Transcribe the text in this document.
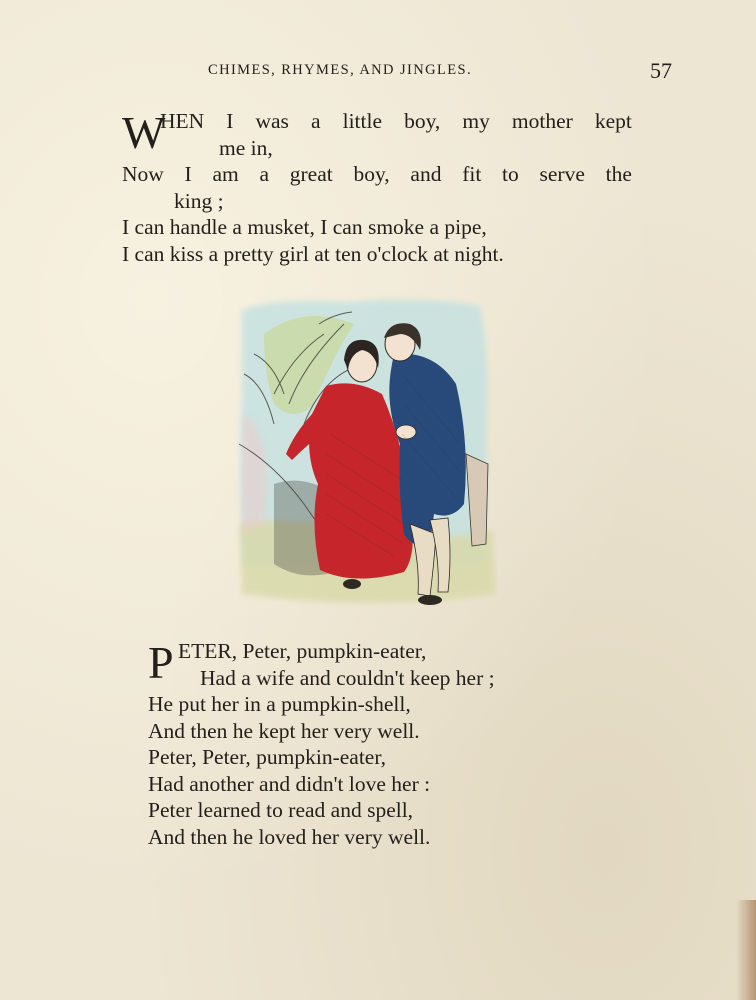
CHIMES, RHYMES, AND JINGLES.	57
W
HEN I was a little boy, my mother kept
me in,
Now I am a great boy, and fit to serve the
king ;
I can handle a musket, I can smoke a pipe,
I can kiss a pretty girl at ten o'clock at night.
P ETER, Peter, pumpkin-eater,
Had a wife and couldn't keep her ;
He put her in a pumpkin-shell,
And then he kept her very well.
Peter, Peter, pumpkin-eater,
Had another and didn't love her :
Peter learned to read and spell,
And then he loved her very well.
